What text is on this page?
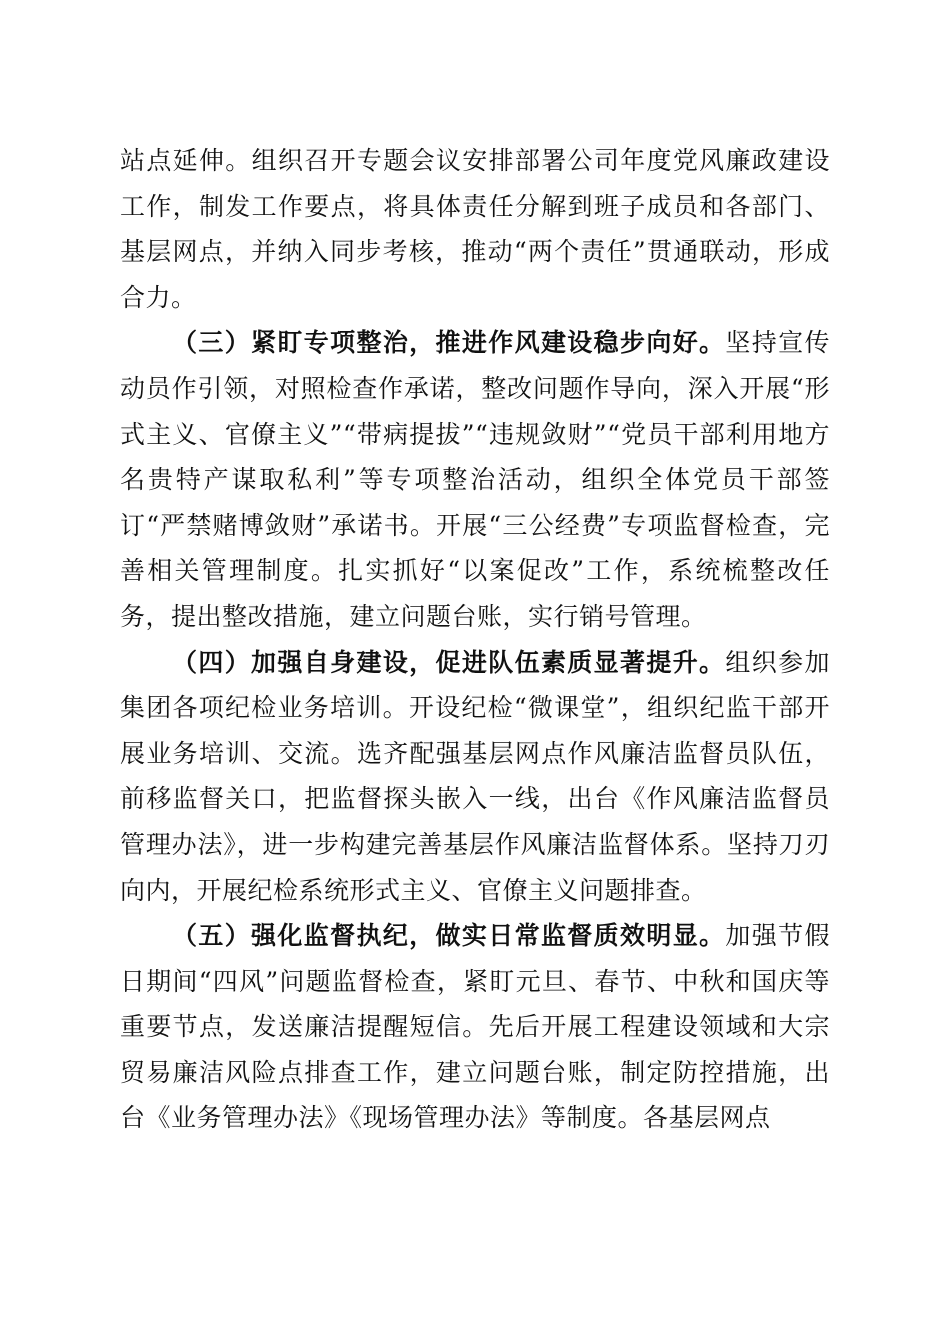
站点延伸。组织召开专题会议安排部署公司年度党风廉政建设工作，制发工作要点，将具体责任分解到班子成员和各部门、基层网点，并纳入同步考核，推动“两个责任”贯通联动，形成合力。

（三）紧盯专项整治，推进作风建设稳步向好。坚持宣传动员作引领，对照检查作承诺，整改问题作导向，深入开展“形式主义、官僚主义”“带病提拔”“违规敛财”“党员干部利用地方名贵特产谋取私利”等专项整治活动，组织全体党员干部签订“严禁赌博敛财”承诺书。开展“三公经费”专项监督检查，完善相关管理制度。扎实抓好“以案促改”工作，系统梳整改任务，提出整改措施，建立问题台账，实行销号管理。

（四）加强自身建设，促进队伍素质显著提升。组织参加集团各项纪检业务培训。开设纪检“微课堂”，组织纪监干部开展业务培训、交流。选齐配强基层网点作风廉洁监督员队伍，前移监督关口，把监督探头嵌入一线，出台《作风廉洁监督员管理办法》，进一步构建完善基层作风廉洁监督体系。坚持刀刃向内，开展纪检系统形式主义、官僚主义问题排查。

（五）强化监督执纪，做实日常监督质效明显。加强节假日期间“四风”问题监督检查，紧盯元旦、春节、中秋和国庆等重要节点，发送廉洁提醒短信。先后开展工程建设领域和大宗贸易廉洁风险点排查工作，建立问题台账，制定防控措施，出台《业务管理办法》《现场管理办法》等制度。各基层网点
